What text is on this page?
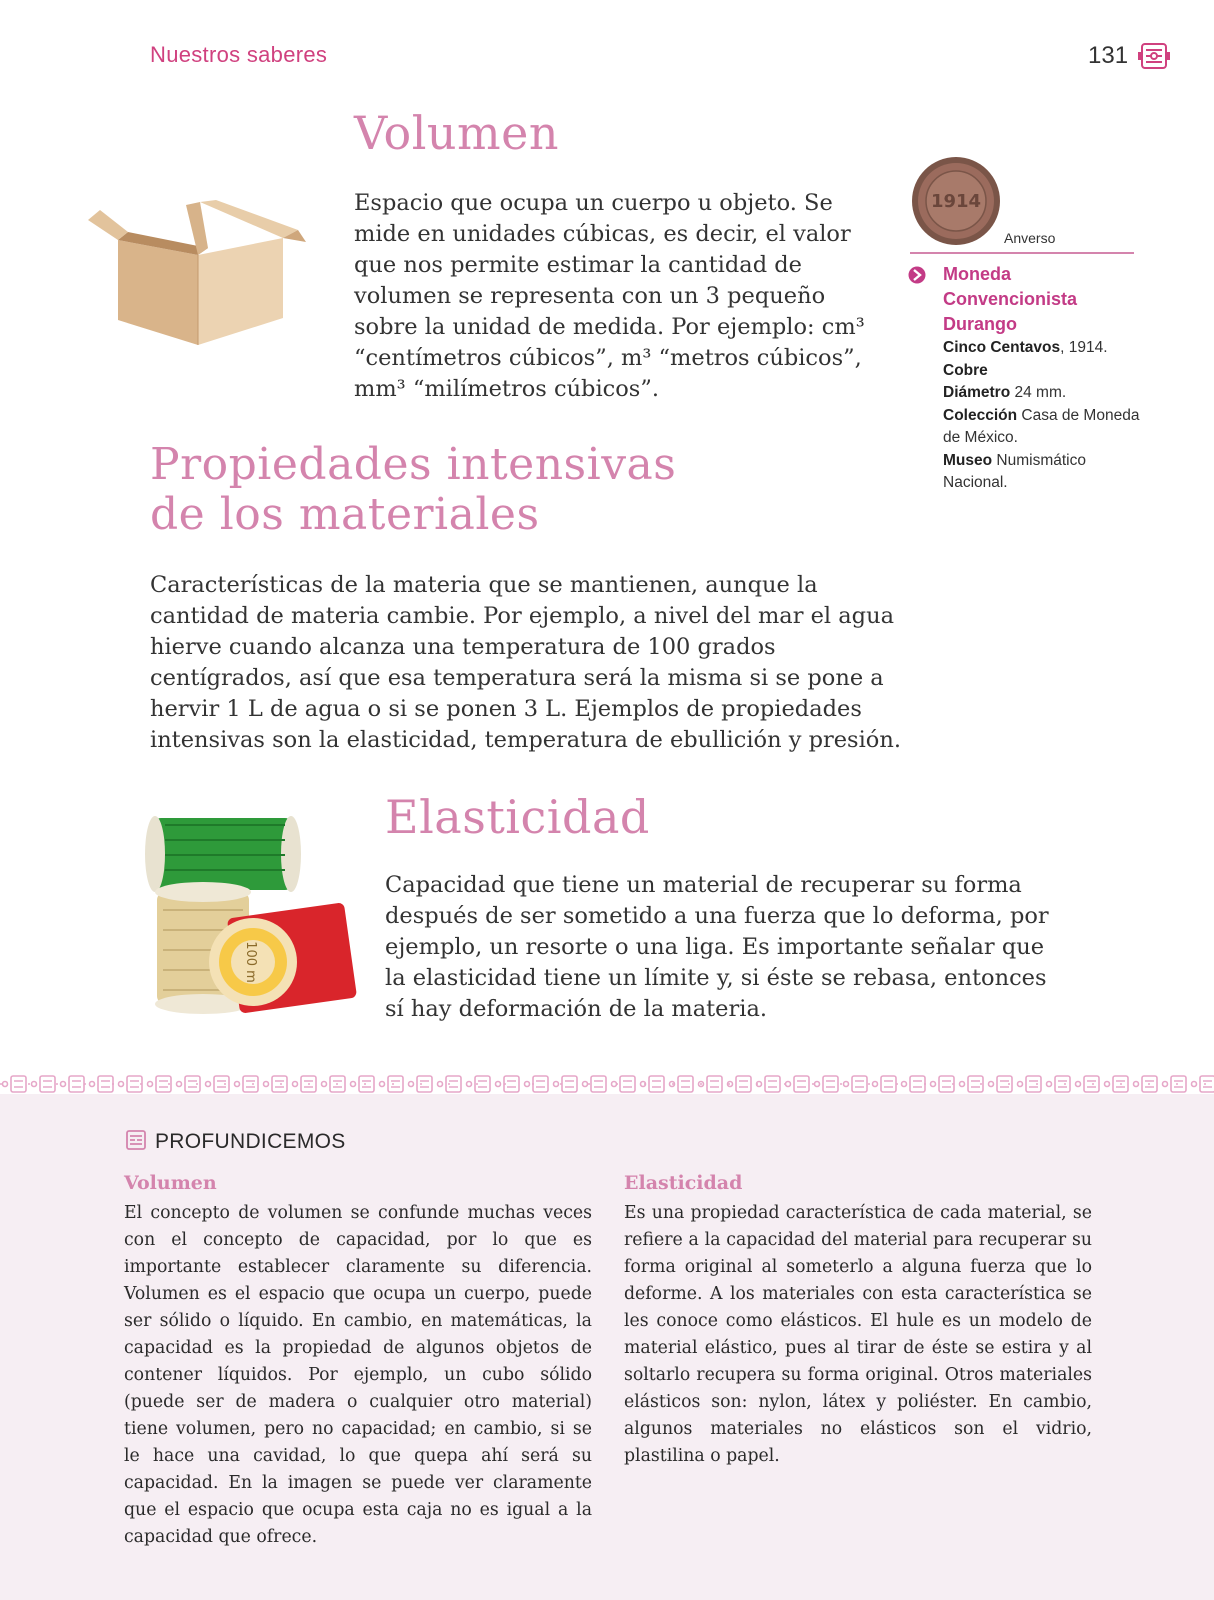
Nuestros saberes	131
Volumen

Espacio que ocupa un cuerpo u objeto. Se mide en unidades cúbicas, es decir, el valor que nos permite estimar la cantidad de volumen se representa con un 3 pequeño sobre la unidad de medida. Por ejemplo: cm³ “centímetros cúbicos”, m³ “metros cúbicos”, mm³ “milímetros cúbicos”.

1914
Anverso
Moneda
Convencionista
Durango
Cinco Centavos, 1914.
Cobre
Diámetro 24 mm.
Colección Casa de Moneda de México.
Museo Numismático Nacional.
Propiedades intensivas
de los materiales

Características de la materia que se mantienen, aunque la cantidad de materia cambie. Por ejemplo, a nivel del mar el agua hierve cuando alcanza una temperatura de 100 grados centígrados, así que esa temperatura será la misma si se pone a hervir 1 L de agua o si se ponen 3 L. Ejemplos de propiedades intensivas son la elasticidad, temperatura de ebullición y presión.

Elasticidad

Capacidad que tiene un material de recuperar su forma después de ser sometido a una fuerza que lo deforma, por ejemplo, un resorte o una liga. Es importante señalar que la elasticidad tiene un límite y, si éste se rebasa, entonces sí hay deformación de la materia.

100 m
PROFUNDICEMOS
Volumen

El concepto de volumen se confunde muchas veces con el concepto de capacidad, por lo que es importante establecer claramente su diferencia. Volumen es el espacio que ocupa un cuerpo, puede ser sólido o líquido. En cambio, en matemáticas, la capacidad es la propiedad de algunos objetos de contener líquidos. Por ejemplo, un cubo sólido (puede ser de madera o cualquier otro material) tiene volumen, pero no capacidad; en cambio, si se le hace una cavidad, lo que quepa ahí será su capacidad. En la imagen se puede ver claramente que el espacio que ocupa esta caja no es igual a la capacidad que ofrece.

Elasticidad

Es una propiedad característica de cada material, se refiere a la capacidad del material para recuperar su forma original al someterlo a alguna fuerza que lo deforme. A los materiales con esta característica se les conoce como elásticos. El hule es un modelo de material elástico, pues al tirar de éste se estira y al soltarlo recupera su forma original. Otros materiales elásticos son: nylon, látex y poliéster. En cambio, algunos materiales no elásticos son el vidrio, plastilina o papel.
